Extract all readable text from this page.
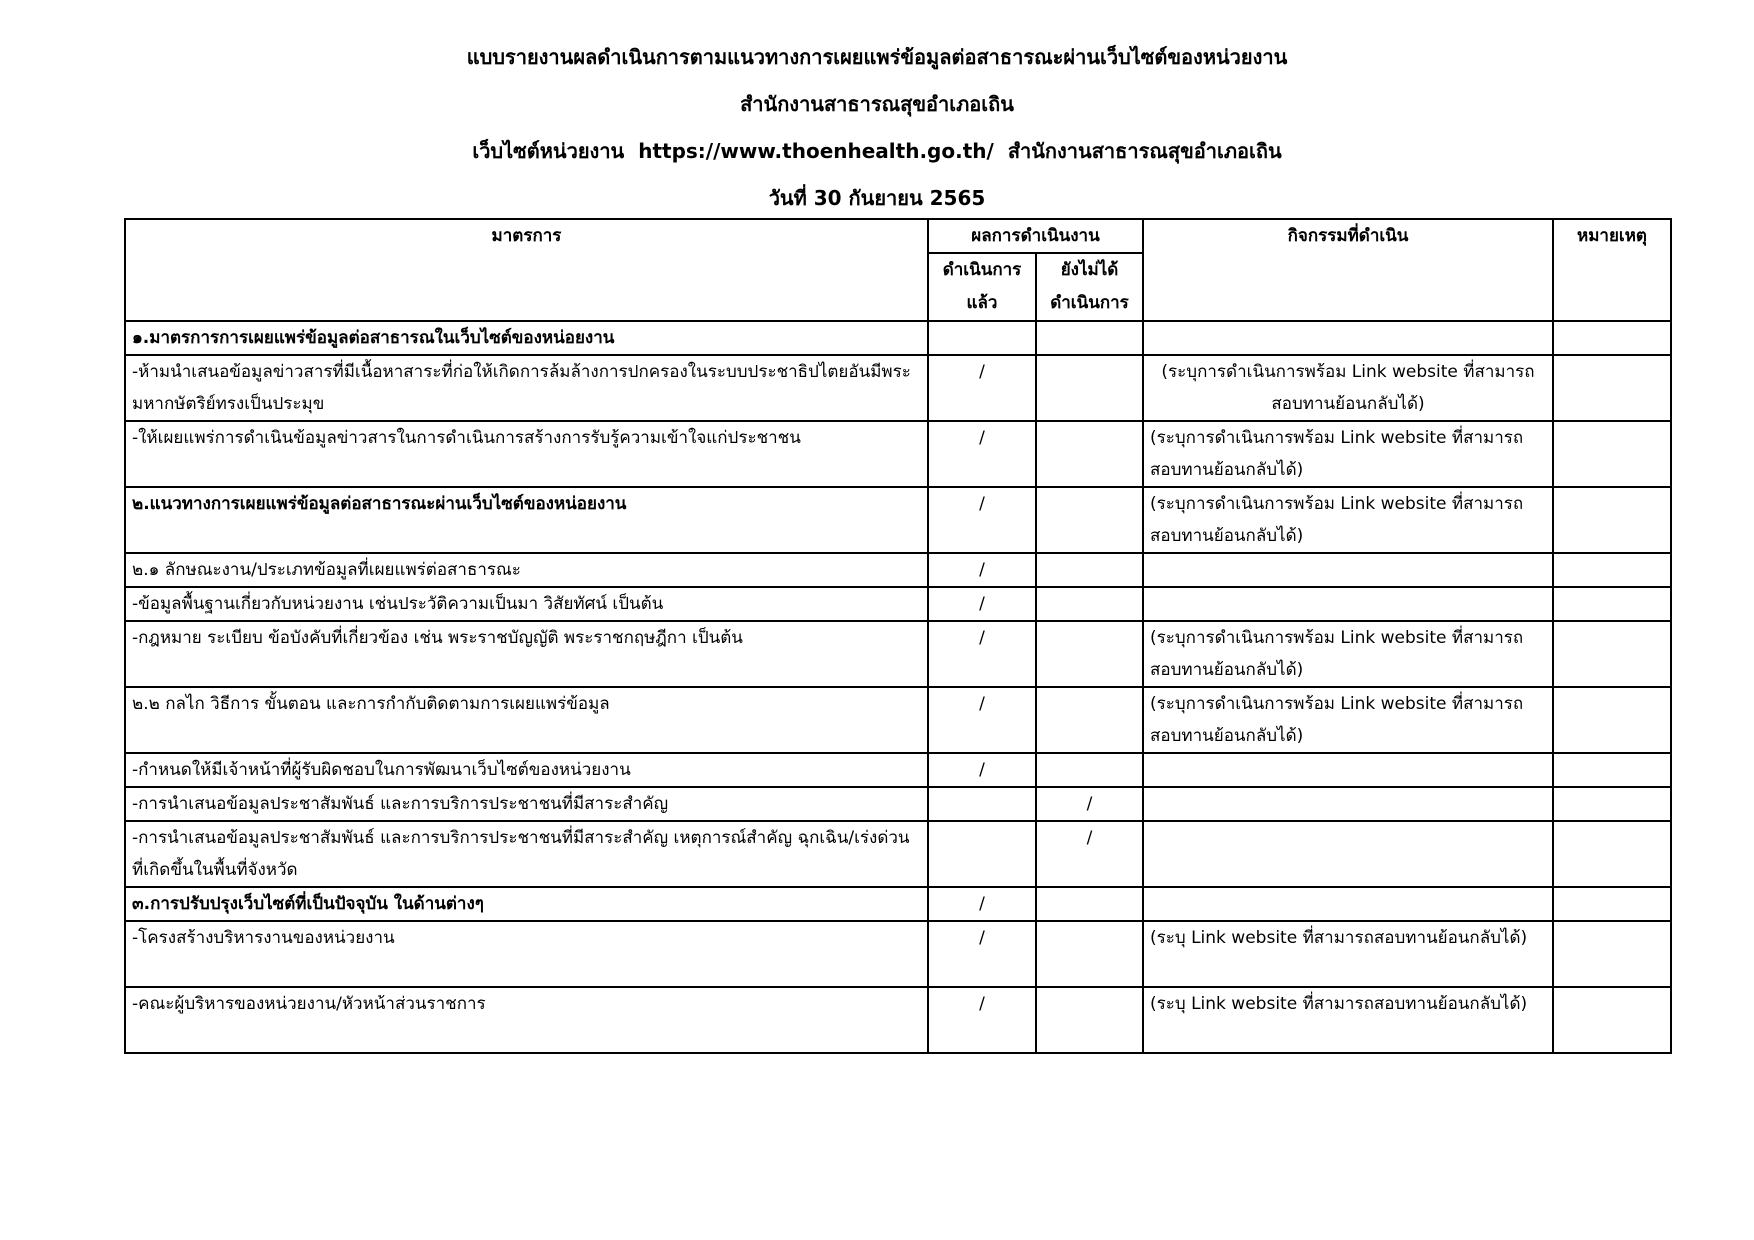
แบบรายงานผลดำเนินการตามแนวทางการเผยแพร่ข้อมูลต่อสาธารณะผ่านเว็บไซต์ของหน่วยงาน
สำนักงานสาธารณสุขอำเภอเถิน
เว็บไซต์หน่วยงาน https://www.thoenhealth.go.th/ สำนักงานสาธารณสุขอำเภอเถิน
วันที่ 30 กันยายน 2565
มาตรการ	ผลการดำเนินงาน		กิจกรรมที่ดำเนิน	หมายเหตุ
	ดำเนินการแล้ว	ยังไม่ได้ดำเนินการ		
๑.มาตรการการเผยแพร่ข้อมูลต่อสาธารณในเว็บไซต์ของหน่อยงาน				
-ห้ามนำเสนอข้อมูลข่าวสารที่มีเนื้อหาสาระที่ก่อให้เกิดการล้มล้างการปกครองในระบบประชาธิปไตยอันมีพระมหากษัตริย์ทรงเป็นประมุข	/		(ระบุการดำเนินการพร้อม Link website ที่สามารถสอบทานย้อนกลับได้)	
-ให้เผยแพร่การดำเนินข้อมูลข่าวสารในการดำเนินการสร้างการรับรู้ความเข้าใจแก่ประชาชน	/		(ระบุการดำเนินการพร้อม Link website ที่สามารถสอบทานย้อนกลับได้)	
๒.แนวทางการเผยแพร่ข้อมูลต่อสาธารณะผ่านเว็บไซต์ของหน่อยงาน	/		(ระบุการดำเนินการพร้อม Link website ที่สามารถสอบทานย้อนกลับได้)	
๒.๑ ลักษณะงาน/ประเภทข้อมูลที่เผยแพร่ต่อสาธารณะ	/			
-ข้อมูลพื้นฐานเกี่ยวกับหน่วยงาน เช่นประวัติความเป็นมา วิสัยทัศน์ เป็นต้น	/			
-กฎหมาย ระเบียบ ข้อบังคับที่เกี่ยวข้อง เช่น พระราชบัญญัติ พระราชกฤษฎีกา เป็นต้น	/		(ระบุการดำเนินการพร้อม Link website ที่สามารถสอบทานย้อนกลับได้)	
๒.๒ กลไก วิธีการ ขั้นตอน และการกำกับติดตามการเผยแพร่ข้อมูล	/		(ระบุการดำเนินการพร้อม Link website ที่สามารถสอบทานย้อนกลับได้)	
-กำหนดให้มีเจ้าหน้าที่ผู้รับผิดชอบในการพัฒนาเว็บไซต์ของหน่วยงาน	/			
-การนำเสนอข้อมูลประชาสัมพันธ์ และการบริการประชาชนที่มีสาระสำคัญ		/		
-การนำเสนอข้อมูลประชาสัมพันธ์ และการบริการประชาชนที่มีสาระสำคัญ เหตุการณ์สำคัญ ฉุกเฉิน/เร่งด่วน ที่เกิดขึ้นในพื้นที่จังหวัด		/		
๓.การปรับปรุงเว็บไซต์ที่เป็นปัจจุบัน ในด้านต่างๆ	/			
-โครงสร้างบริหารงานของหน่วยงาน	/		(ระบุ Link website ที่สามารถสอบทานย้อนกลับได้)	
-คณะผู้บริหารของหน่วยงาน/หัวหน้าส่วนราชการ	/		(ระบุ Link website ที่สามารถสอบทานย้อนกลับได้)	
